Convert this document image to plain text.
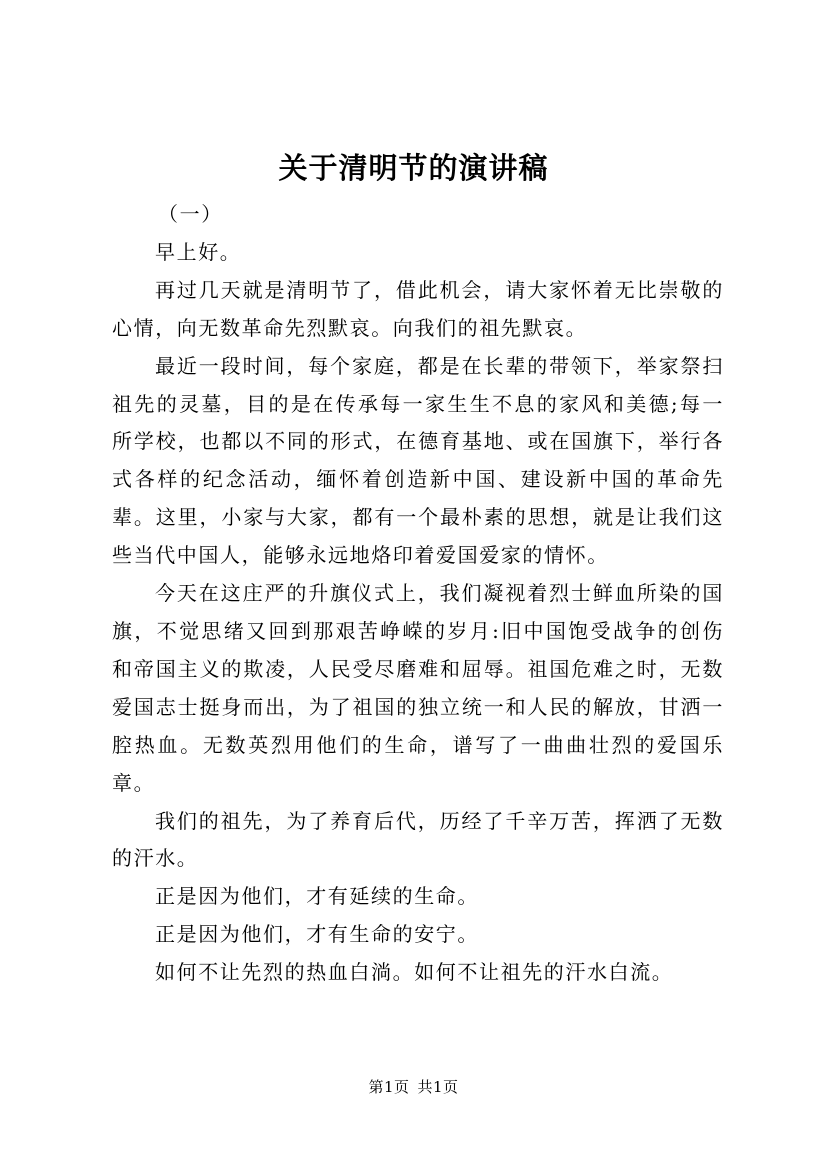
关于清明节的演讲稿

（一）

早上好。

再过几天就是清明节了，借此机会，请大家怀着无比崇敬的心情，向无数革命先烈默哀。向我们的祖先默哀。

最近一段时间，每个家庭，都是在长辈的带领下，举家祭扫祖先的灵墓，目的是在传承每一家生生不息的家风和美德;每一所学校，也都以不同的形式，在德育基地、或在国旗下，举行各式各样的纪念活动，缅怀着创造新中国、建设新中国的革命先辈。这里，小家与大家，都有一个最朴素的思想，就是让我们这些当代中国人，能够永远地烙印着爱国爱家的情怀。

今天在这庄严的升旗仪式上，我们凝视着烈士鲜血所染的国旗，不觉思绪又回到那艰苦峥嵘的岁月:旧中国饱受战争的创伤和帝国主义的欺凌，人民受尽磨难和屈辱。祖国危难之时，无数爱国志士挺身而出，为了祖国的独立统一和人民的解放，甘洒一腔热血。无数英烈用他们的生命，谱写了一曲曲壮烈的爱国乐章。

我们的祖先，为了养育后代，历经了千辛万苦，挥洒了无数的汗水。

正是因为他们，才有延续的生命。

正是因为他们，才有生命的安宁。

如何不让先烈的热血白淌。如何不让祖先的汗水白流。

第1页 共1页
